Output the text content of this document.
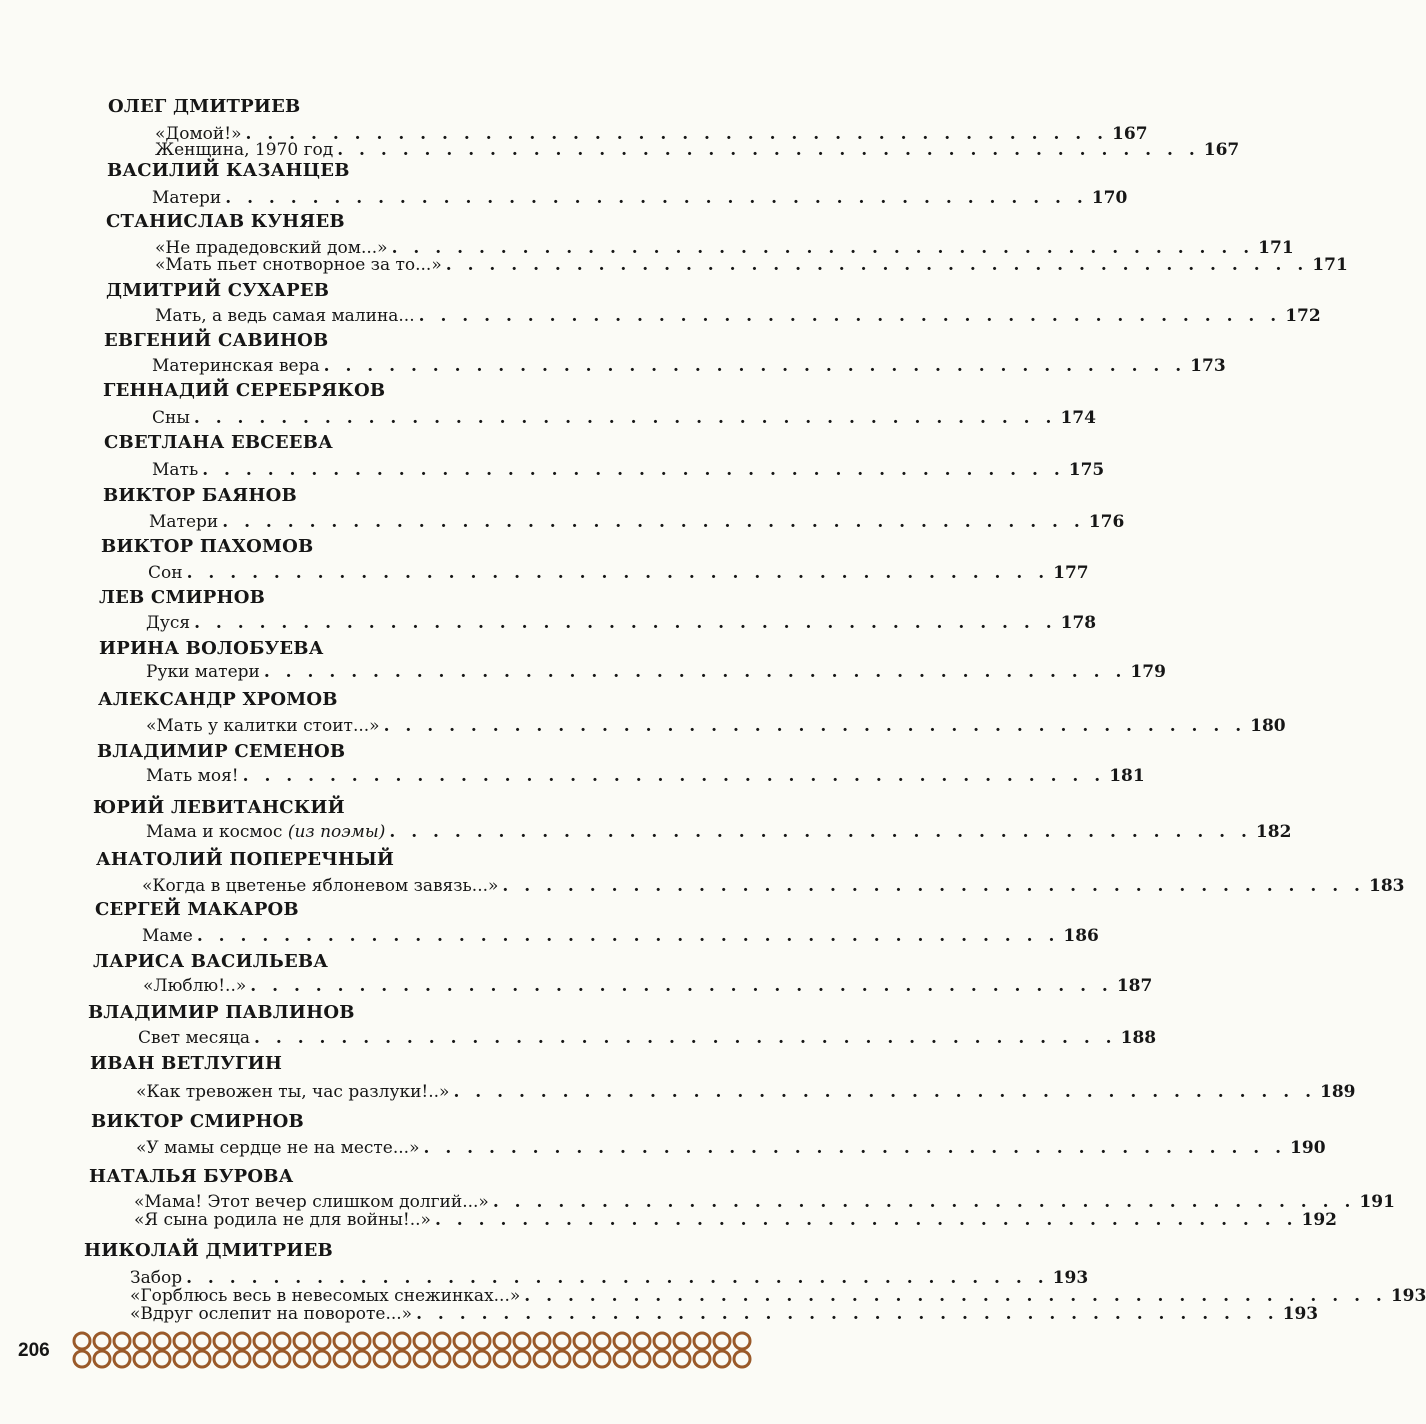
ОЛЕГ ДМИТРИЕВ
«Домой!» . . . . . . . . . . . . . . . . . . . . . . . . . . . . . . . . . . . . . . . . 167
Женщина, 1970 год . . . . . . . . . . . . . . . . . . . . . . . . . . . . . . . . . . . . . . . . 167
ВАСИЛИЙ КАЗАНЦЕВ
Матери . . . . . . . . . . . . . . . . . . . . . . . . . . . . . . . . . . . . . . . . 170
СТАНИСЛАВ КУНЯЕВ
«Не прадедовский дом...» . . . . . . . . . . . . . . . . . . . . . . . . . . . . . . . . . . . . . . . . 171
«Мать пьет снотворное за то...» . . . . . . . . . . . . . . . . . . . . . . . . . . . . . . . . . . . . . . . . 171
ДМИТРИЙ СУХАРЕВ
Мать, а ведь самая малина... . . . . . . . . . . . . . . . . . . . . . . . . . . . . . . . . . . . . . . . . 172
ЕВГЕНИЙ САВИНОВ
Материнская вера . . . . . . . . . . . . . . . . . . . . . . . . . . . . . . . . . . . . . . . . 173
ГЕННАДИЙ СЕРЕБРЯКОВ
Сны . . . . . . . . . . . . . . . . . . . . . . . . . . . . . . . . . . . . . . . . 174
СВЕТЛАНА ЕВСЕЕВА
Мать . . . . . . . . . . . . . . . . . . . . . . . . . . . . . . . . . . . . . . . . 175
ВИКТОР БАЯНОВ
Матери . . . . . . . . . . . . . . . . . . . . . . . . . . . . . . . . . . . . . . . . 176
ВИКТОР ПАХОМОВ
Сон . . . . . . . . . . . . . . . . . . . . . . . . . . . . . . . . . . . . . . . . 177
ЛЕВ СМИРНОВ
Дуся . . . . . . . . . . . . . . . . . . . . . . . . . . . . . . . . . . . . . . . . 178
ИРИНА ВОЛОБУЕВА
Руки матери . . . . . . . . . . . . . . . . . . . . . . . . . . . . . . . . . . . . . . . . 179
АЛЕКСАНДР ХРОМОВ
«Мать у калитки стоит...» . . . . . . . . . . . . . . . . . . . . . . . . . . . . . . . . . . . . . . . . 180
ВЛАДИМИР СЕМЕНОВ
Мать моя! . . . . . . . . . . . . . . . . . . . . . . . . . . . . . . . . . . . . . . . . 181
ЮРИЙ ЛЕВИТАНСКИЙ
Мама и космос (из поэмы) . . . . . . . . . . . . . . . . . . . . . . . . . . . . . . . . . . . . . . . . 182
АНАТОЛИЙ ПОПЕРЕЧНЫЙ
«Когда в цветенье яблоневом завязь...» . . . . . . . . . . . . . . . . . . . . . . . . . . . . . . . . . . . . . . . . 183
СЕРГЕЙ МАКАРОВ
Маме . . . . . . . . . . . . . . . . . . . . . . . . . . . . . . . . . . . . . . . . 186
ЛАРИСА ВАСИЛЬЕВА
«Люблю!..» . . . . . . . . . . . . . . . . . . . . . . . . . . . . . . . . . . . . . . . . 187
ВЛАДИМИР ПАВЛИНОВ
Свет месяца . . . . . . . . . . . . . . . . . . . . . . . . . . . . . . . . . . . . . . . . 188
ИВАН ВЕТЛУГИН
«Как тревожен ты, час разлуки!..» . . . . . . . . . . . . . . . . . . . . . . . . . . . . . . . . . . . . . . . . 189
ВИКТОР СМИРНОВ
«У мамы сердце не на месте...» . . . . . . . . . . . . . . . . . . . . . . . . . . . . . . . . . . . . . . . . 190
НАТАЛЬЯ БУРОВА
«Мама! Этот вечер слишком долгий...» . . . . . . . . . . . . . . . . . . . . . . . . . . . . . . . . . . . . . . . . 191
«Я сына родила не для войны!..» . . . . . . . . . . . . . . . . . . . . . . . . . . . . . . . . . . . . . . . . 192
НИКОЛАЙ ДМИТРИЕВ
Забор . . . . . . . . . . . . . . . . . . . . . . . . . . . . . . . . . . . . . . . . 193
«Горблюсь весь в невесомых снежинках...» . . . . . . . . . . . . . . . . . . . . . . . . . . . . . . . . . . . . . . . . 193
«Вдруг ослепит на повороте...» . . . . . . . . . . . . . . . . . . . . . . . . . . . . . . . . . . . . . . . . 193
206
